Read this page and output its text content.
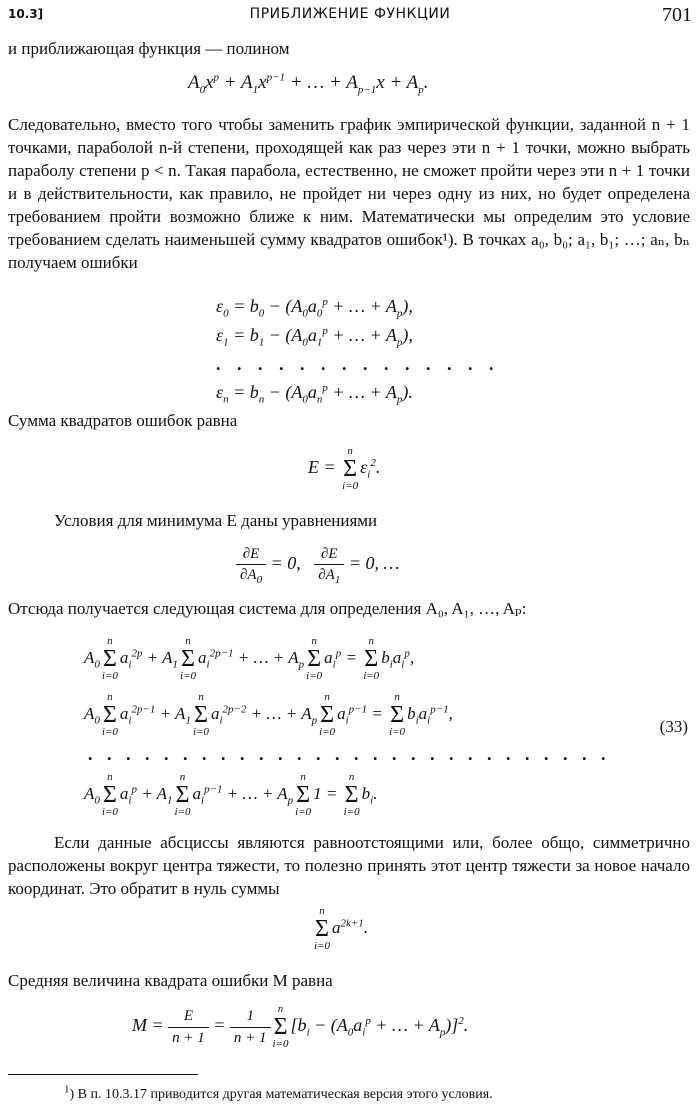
10.3]	ПРИБЛИЖЕНИЕ ФУНКЦИИ	701
и приближающая функция — полином
$A_0x^p + A_1x^{p-1}$ + … + $A_{p-1}x + A_p$.
Следовательно, вместо того чтобы заменить график эмпирической функции, заданной n + 1 точками, параболой n-й степени, проходящей как раз через эти n + 1 точки, можно выбрать параболу степени p < n. Такая парабола, естественно, не сможет пройти через эти n + 1 точки и в действительности, как правило, не пройдет ни через одну из них, но будет определена требованием пройти возможно ближе к ним. Математически мы определим это условие требованием сделать наименьшей сумму квадратов ошибок¹). В точках a₀, b₀; a₁, b₁; …; aₙ, bₙ получаем ошибки
$\varepsilon_0 = b_0 - (A_0a_0^p$ + … + $A_p$),
$\varepsilon_1 = b_1 - (A_0a_1^p$ + … + $A_p$),
. . . . . . . . . . . . . .
$\varepsilon_n = b_n - (A_0a_n^p$ + … + $A_p$).
Сумма квадратов ошибок равна
E =
n
Σ
i=0
$\varepsilon_i^2$.
Условия для минимума E даны уравнениями
$\frac{\partial E}{\partial A_0} = 0$, $\frac{\partial E}{\partial A_1} = 0$, …
Отсюда получается следующая система для определения A₀, A₁, …, Aₚ:
$A_0$
n
Σ
i=0
$a_i^{2p} + A_1$
n
Σ
i=0
$a_i^{2p-1}$ + … + $A_p$
n
Σ
i=0
$a_i^p$ =
n
Σ
i=0
$b_ia_i^p$,
$A_0$
n
Σ
i=0
$a_i^{2p-1} + A_1$
n
Σ
i=0
$a_i^{2p-2}$ + … + $A_p$
n
Σ
i=0
$a_i^{p-1}$ =
n
Σ
i=0
$b_ia_i^{p-1}$,
(33)
. . . . . . . . . . . . . . . . . . . . . . . . . . . .
$A_0$
n
Σ
i=0
$a_i^p + A_1$
n
Σ
i=0
$a_i^{p-1}$ + … + $A_p$
n
Σ
i=0
1 =
n
Σ
i=0
$b_i$.
Если данные абсциссы являются равноотстоящими или, более общо, симметрично расположены вокруг центра тяжести, то полезно принять этот центр тяжести за новое начало координат. Это обратит в нуль суммы
n
Σ
i=0
$a^{2k+1}$.
Средняя величина квадрата ошибки M равна
$M = \frac{E}{n + 1} = \frac{1}{n + 1}$ n
Σ
i=0
[$b_i - (A_0a_i^p$ + … + $A_p)]^2$.
$^1$) В п. 10.3.17 приводится другая математическая версия этого условия.
